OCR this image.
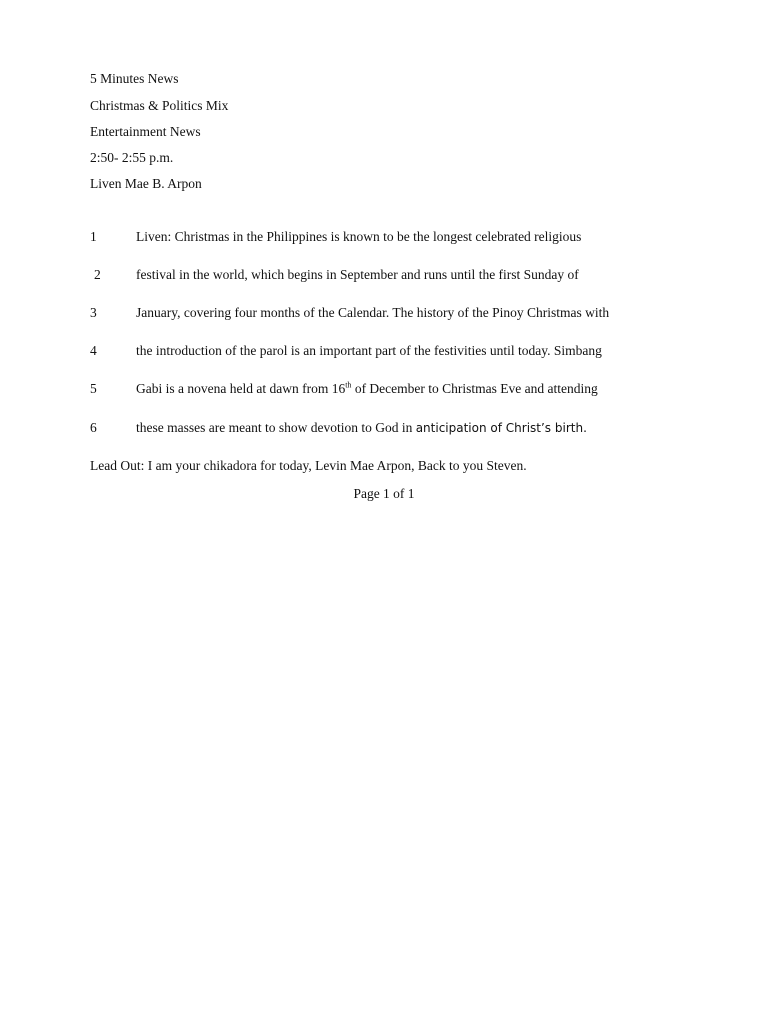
5 Minutes News
Christmas & Politics Mix
Entertainment News
2:50- 2:55 p.m.
Liven Mae B. Arpon
1	Liven: Christmas in the Philippines is known to be the longest celebrated religious
2	festival in the world, which begins in September and runs until the first Sunday of
3	January, covering four months of the Calendar. The history of the Pinoy Christmas with
4	the introduction of the parol is an important part of the festivities until today. Simbang
5	Gabi is a novena held at dawn from 16th of December to Christmas Eve and attending
6	these masses are meant to show devotion to God in anticipation of Christ’s birth.
Lead Out: I am your chikadora for today, Levin Mae Arpon, Back to you Steven.
Page 1 of 1
